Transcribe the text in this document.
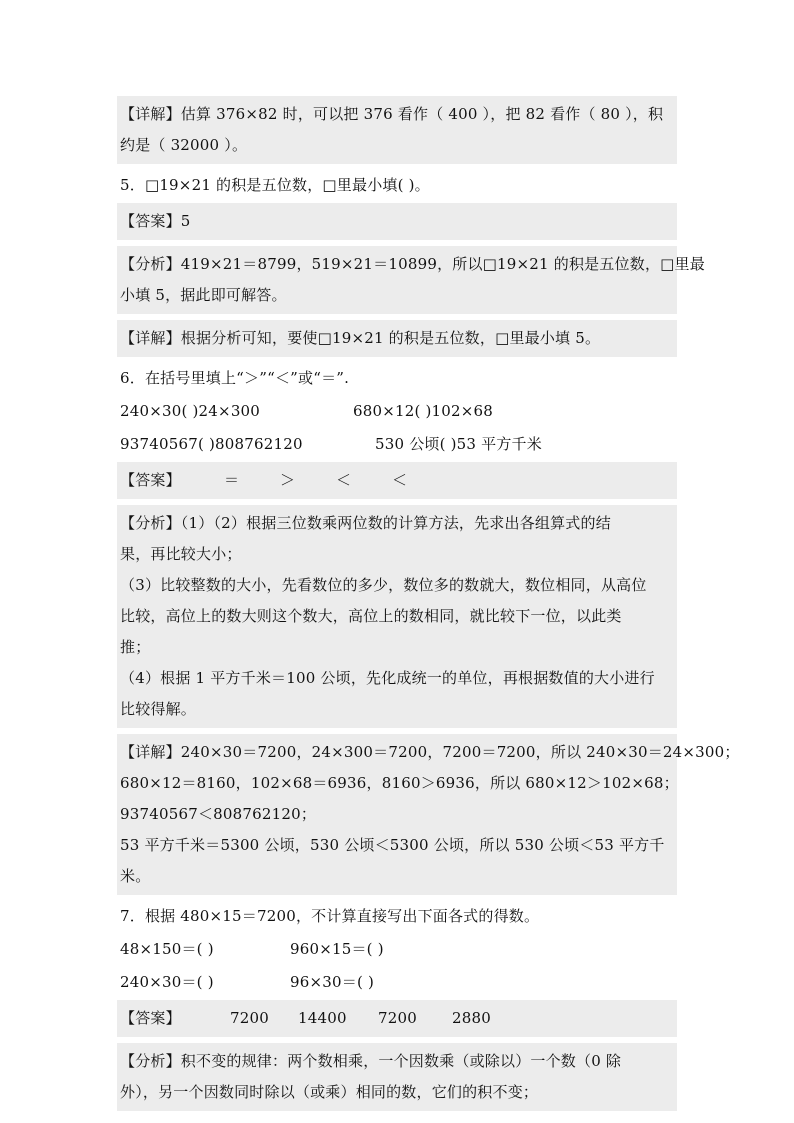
【详解】估算 376×82 时，可以把 376 看作（ 400 ），把 82 看作（ 80 ），积
约是（ 32000 ）。
5．□19×21 的积是五位数，□里最小填( )。
【答案】5
【分析】419×21＝8799，519×21＝10899，所以□19×21 的积是五位数，□里最
小填 5，据此即可解答。
【详解】根据分析可知，要使□19×21 的积是五位数，□里最小填 5。
6．在括号里填上“＞”“＜”或“＝”.
240×30( )24×300	680×12( )102×68
93740567( )808762120	530 公顷( )53 平方千米
【答案】	＝	＞	＜	＜
【分析】（1）（2）根据三位数乘两位数的计算方法，先求出各组算式的结
果，再比较大小；
（3）比较整数的大小，先看数位的多少，数位多的数就大，数位相同，从高位
比较，高位上的数大则这个数大，高位上的数相同，就比较下一位，以此类
推；
（4）根据 1 平方千米＝100 公顷，先化成统一的单位，再根据数值的大小进行
比较得解。
【详解】240×30＝7200，24×300＝7200，7200＝7200，所以 240×30＝24×300；
680×12＝8160，102×68＝6936，8160＞6936，所以 680×12＞102×68；
93740567＜808762120；
53 平方千米＝5300 公顷，530 公顷＜5300 公顷，所以 530 公顷＜53 平方千
米。
7．根据 480×15＝7200，不计算直接写出下面各式的得数。
48×150＝( )	960×15＝( )
240×30＝( )	96×30＝( )
【答案】	7200 14400 7200 2880
【分析】积不变的规律：两个数相乘，一个因数乘（或除以）一个数（0 除
外），另一个因数同时除以（或乘）相同的数，它们的积不变；
